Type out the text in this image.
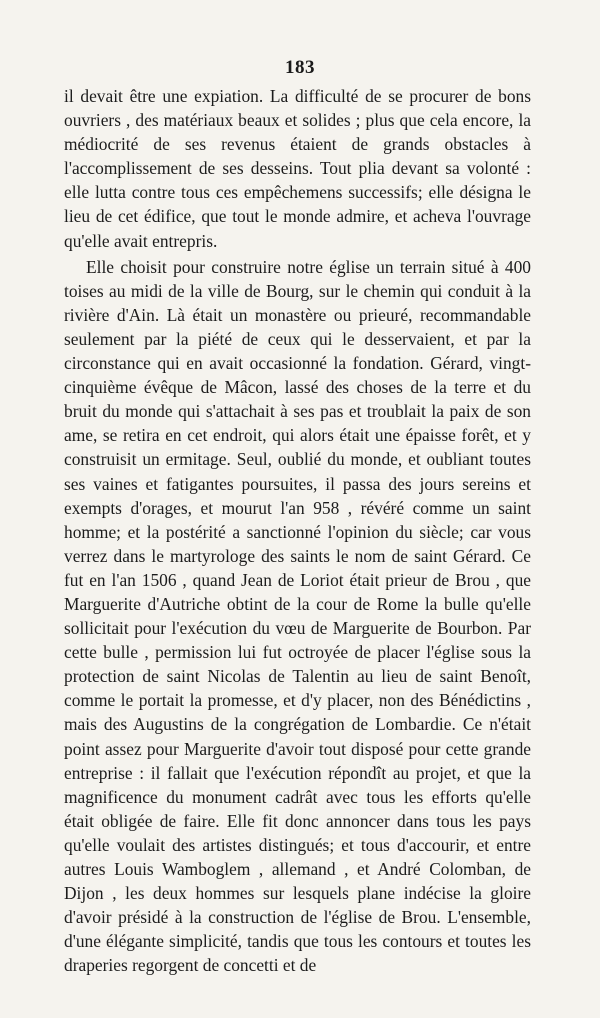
183

il devait être une expiation. La difficulté de se procurer de bons ouvriers , des matériaux beaux et solides ; plus que cela encore, la médiocrité de ses revenus étaient de grands obstacles à l'accomplissement de ses desseins. Tout plia devant sa volonté : elle lutta contre tous ces empêchemens successifs; elle désigna le lieu de cet édifice, que tout le monde admire, et acheva l'ouvrage qu'elle avait entrepris.

Elle choisit pour construire notre église un terrain situé à 400 toises au midi de la ville de Bourg, sur le chemin qui conduit à la rivière d'Ain. Là était un monastère ou prieuré, recommandable seulement par la piété de ceux qui le desservaient, et par la circonstance qui en avait occasionné la fondation. Gérard, vingt-cinquième évêque de Mâcon, lassé des choses de la terre et du bruit du monde qui s'attachait à ses pas et troublait la paix de son ame, se retira en cet endroit, qui alors était une épaisse forêt, et y construisit un ermitage. Seul, oublié du monde, et oubliant toutes ses vaines et fatigantes poursuites, il passa des jours sereins et exempts d'orages, et mourut l'an 958 , révéré comme un saint homme; et la postérité a sanctionné l'opinion du siècle; car vous verrez dans le martyrologe des saints le nom de saint Gérard. Ce fut en l'an 1506 , quand Jean de Loriot était prieur de Brou , que Marguerite d'Autriche obtint de la cour de Rome la bulle qu'elle sollicitait pour l'exécution du vœu de Marguerite de Bourbon. Par cette bulle , permission lui fut octroyée de placer l'église sous la protection de saint Nicolas de Talentin au lieu de saint Benoît, comme le portait la promesse, et d'y placer, non des Bénédictins , mais des Augustins de la congrégation de Lombardie. Ce n'était point assez pour Marguerite d'avoir tout disposé pour cette grande entreprise : il fallait que l'exécution répondît au projet, et que la magnificence du monument cadrât avec tous les efforts qu'elle était obligée de faire. Elle fit donc annoncer dans tous les pays qu'elle voulait des artistes distingués; et tous d'accourir, et entre autres Louis Wamboglem , allemand , et André Colomban, de Dijon , les deux hommes sur lesquels plane indécise la gloire d'avoir présidé à la construction de l'église de Brou. L'ensemble, d'une élégante simplicité, tandis que tous les contours et toutes les draperies regorgent de concetti et de
